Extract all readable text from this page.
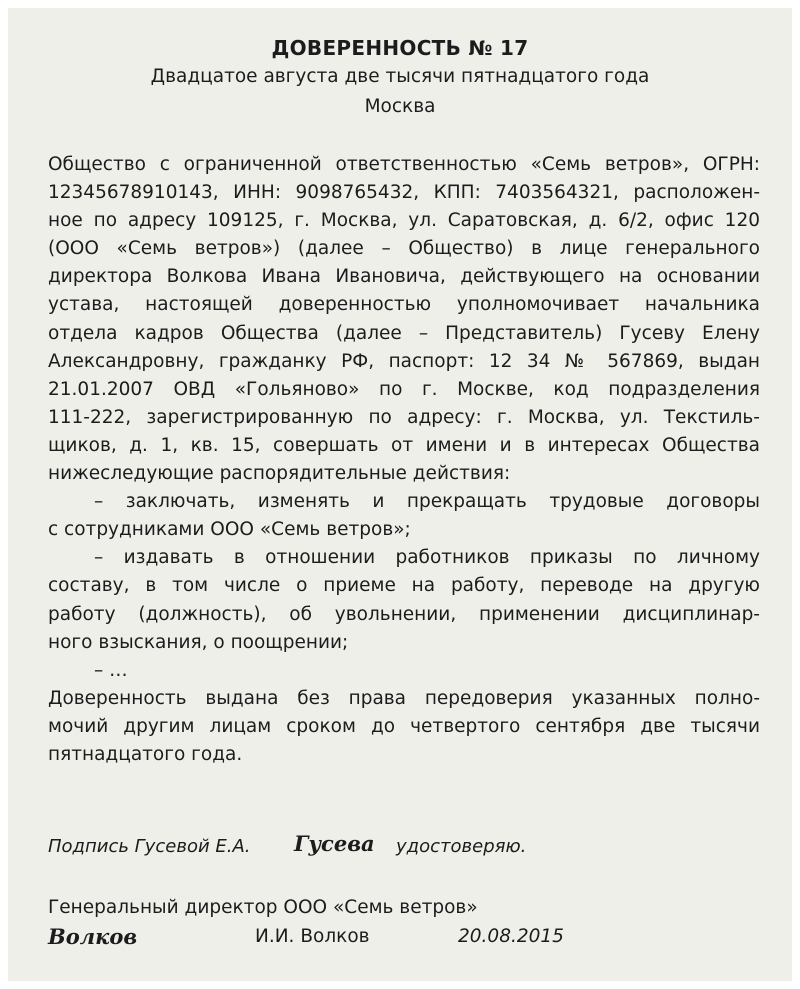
ДОВЕРЕННОСТЬ № 17
Двадцатое августа две тысячи пятнадцатого года
Москва
Общество с ограниченной ответственностью «Семь ветров», ОГРН:
12345678910143, ИНН: 9098765432, КПП: 7403564321, расположен-
ное по адресу 109125, г. Москва, ул. Саратовская, д. 6/2, офис 120
(ООО «Семь ветров») (далее – Общество) в лице генерального
директора Волкова Ивана Ивановича, действующего на основании
устава, настоящей доверенностью уполномочивает начальника
отдела кадров Общества (далее – Представитель) Гусеву Елену
Александровну, гражданку РФ, паспорт: 12 34 № 567869, выдан
21.01.2007 ОВД «Гольяново» по г. Москве, код подразделения
111-222, зарегистрированную по адресу: г. Москва, ул. Текстиль-
щиков, д. 1, кв. 15, совершать от имени и в интересах Общества
нижеследующие распорядительные действия:
– заключать, изменять и прекращать трудовые договоры
с сотрудниками ООО «Семь ветров»;
– издавать в отношении работников приказы по личному
составу, в том числе о приеме на работу, переводе на другую
работу (должность), об увольнении, применении дисциплинар-
ного взыскания, о поощрении;
– …
Доверенность выдана без права передоверия указанных полно-
мочий другим лицам сроком до четвертого сентября две тысячи
пятнадцатого года.
Подпись Гусевой Е.А. Гусева удостоверяю.
Генеральный директор ООО «Семь ветров»
Волков	И.И. Волков	20.08.2015
